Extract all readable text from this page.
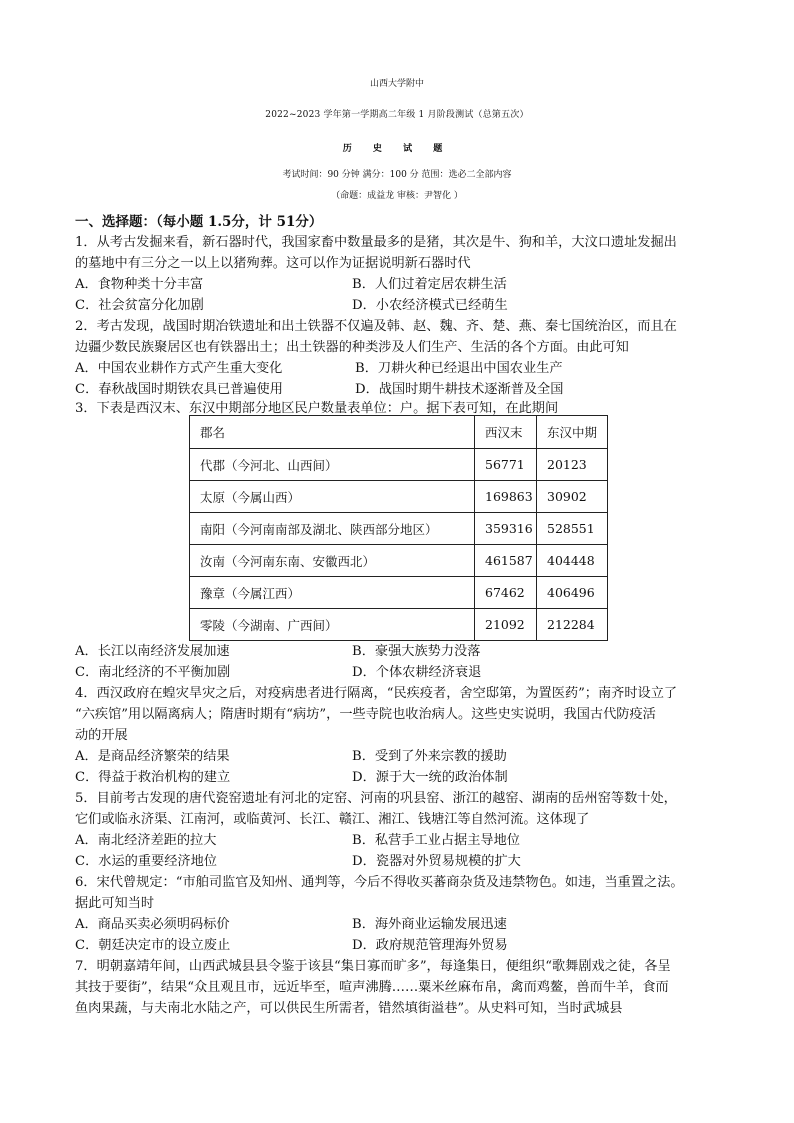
山西大学附中
2022~2023 学年第一学期高二年级 1 月阶段测试（总第五次）
历 史 试 题
考试时间：90 分钟 满分：100 分 范围：选必二全部内容
（命题：成益龙 审核：尹智化 ）
一、选择题：（每小题 1.5分，计 51分）
1．从考古发掘来看，新石器时代，我国家畜中数量最多的是猪，其次是牛、狗和羊，大汶口遗址发掘出
的墓地中有三分之一以上以猪殉葬。这可以作为证据说明新石器时代
A．食物种类十分丰富	B．人们过着定居农耕生活
C．社会贫富分化加剧	D．小农经济模式已经萌生
2．考古发现，战国时期冶铁遗址和出土铁器不仅遍及韩、赵、魏、齐、楚、燕、秦七国统治区，而且在
边疆少数民族聚居区也有铁器出土；出土铁器的种类涉及人们生产、生活的各个方面。由此可知
A．中国农业耕作方式产生重大变化	B．刀耕火种已经退出中国农业生产
C．春秋战国时期铁农具已普遍使用	D．战国时期牛耕技术逐渐普及全国
3．下表是西汉末、东汉中期部分地区民户数量表单位：户。据下表可知，在此期间
郡名	西汉末	东汉中期
代郡（今河北、山西间）	56771	20123
太原（今属山西）	169863	30902
南阳（今河南南部及湖北、陕西部分地区）	359316	528551
汝南（今河南东南、安徽西北）	461587	404448
豫章（今属江西）	67462	406496
零陵（今湖南、广西间）	21092	212284
A．长江以南经济发展加速	B．豪强大族势力没落
C．南北经济的不平衡加剧	D．个体农耕经济衰退
4．西汉政府在蝗灾旱灾之后，对疫病患者进行隔离，“民疾疫者，舍空邸第，为置医药”；南齐时设立了
“六疾馆”用以隔离病人；隋唐时期有“病坊”，一些寺院也收治病人。这些史实说明，我国古代防疫活
动的开展
A．是商品经济繁荣的结果	B．受到了外来宗教的援助
C．得益于救治机构的建立	D．源于大一统的政治体制
5．目前考古发现的唐代瓷窑遗址有河北的定窑、河南的巩县窑、浙江的越窑、湖南的岳州窑等数十处，
它们或临永济渠、江南河，或临黄河、长江、赣江、湘江、钱塘江等自然河流。这体现了
A．南北经济差距的拉大	B．私营手工业占据主导地位
C．水运的重要经济地位	D．瓷器对外贸易规模的扩大
6．宋代曾规定：“市舶司监官及知州、通判等，今后不得收买蕃商杂货及违禁物色。如违，当重置之法。
据此可知当时
A．商品买卖必须明码标价	B．海外商业运输发展迅速
C．朝廷决定市的设立废止	D．政府规范管理海外贸易
7．明朝嘉靖年间，山西武城县县令鉴于该县“集日寡而旷多”，每逢集日，便组织“歌舞剧戏之徒，各呈
其技于要街”，结果“众且观且市，远近毕至，喧声沸腾……粟米丝麻布帛，禽而鸡鳌，兽而牛羊，食而
鱼肉果蔬，与夫南北水陆之产，可以供民生所需者，错然填街溢巷”。从史料可知，当时武城县
